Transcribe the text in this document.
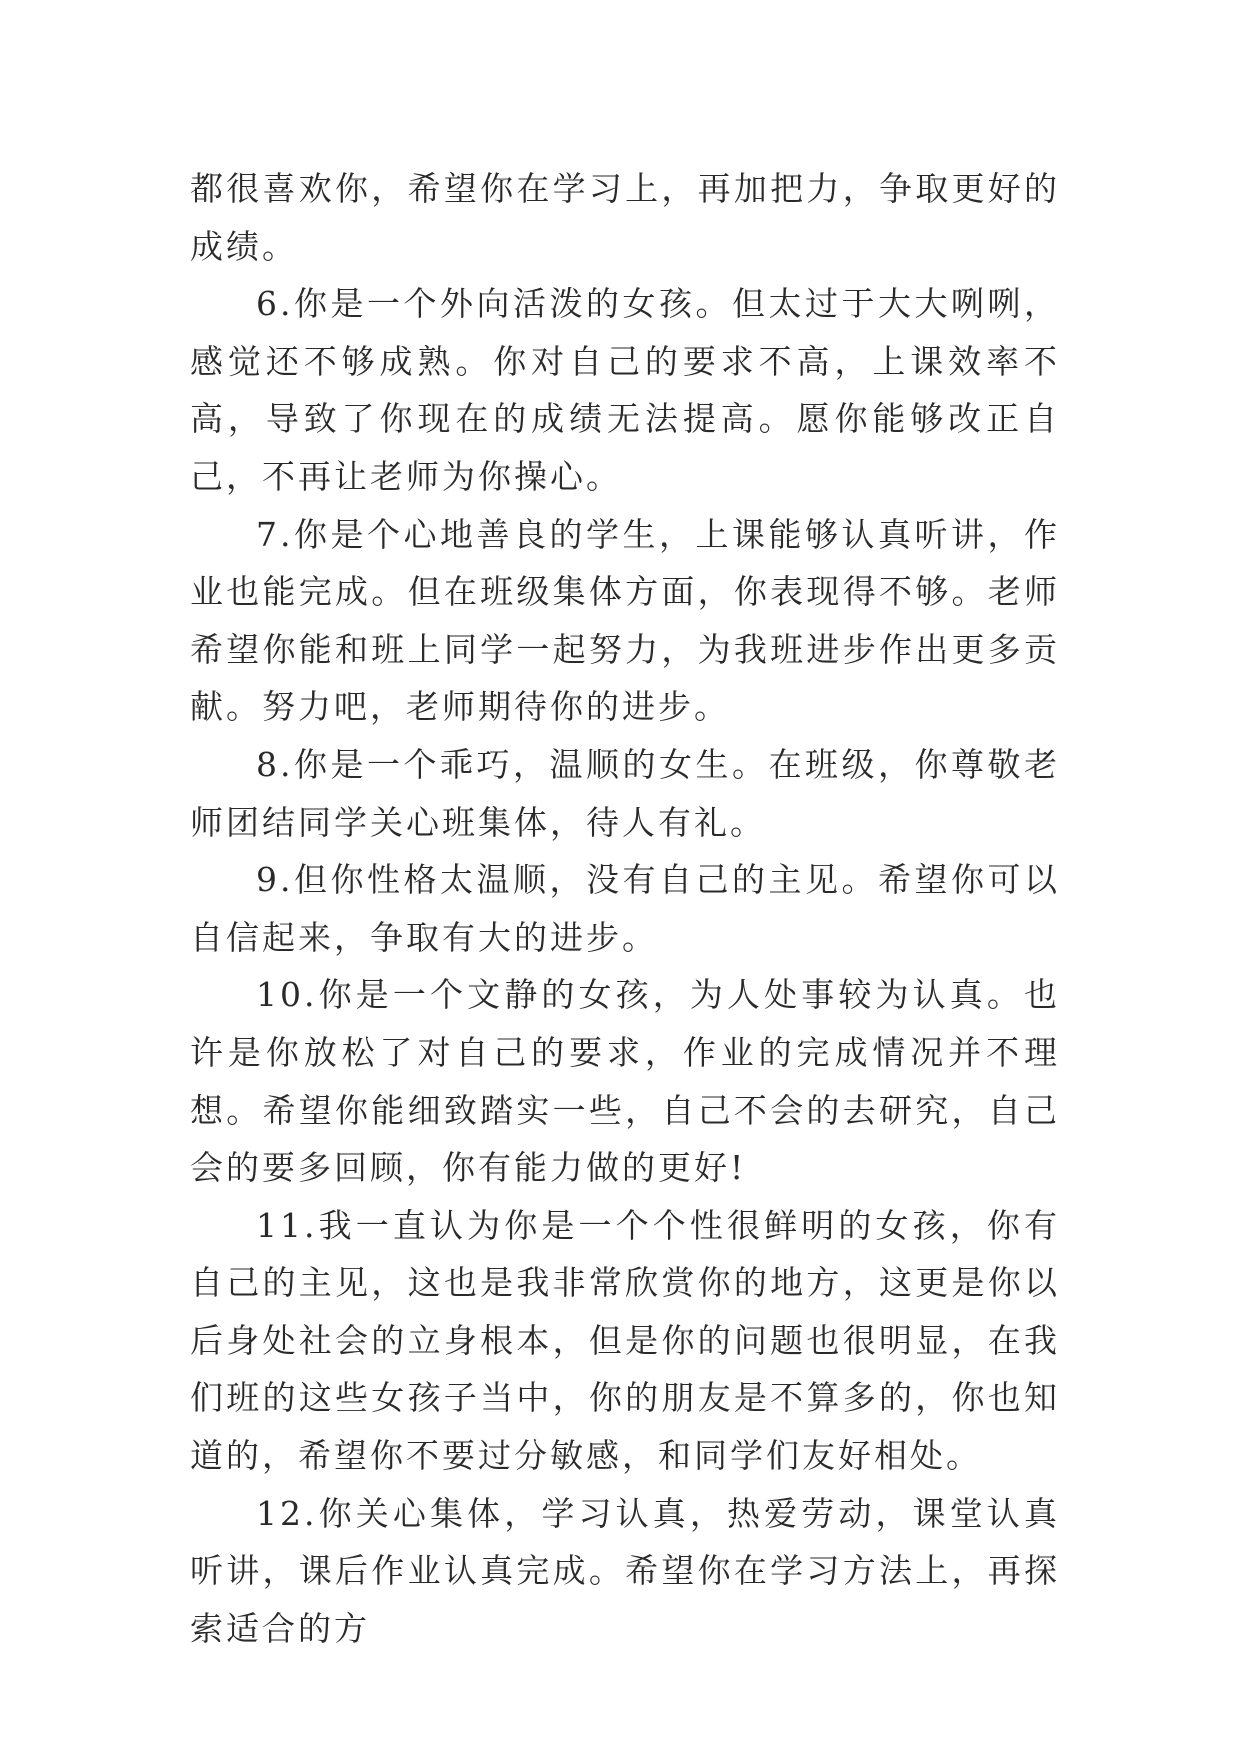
都很喜欢你，希望你在学习上，再加把力，争取更好的成绩。

6.你是一个外向活泼的女孩。但太过于大大咧咧，感觉还不够成熟。你对自己的要求不高，上课效率不高，导致了你现在的成绩无法提高。愿你能够改正自己，不再让老师为你操心。

7.你是个心地善良的学生，上课能够认真听讲，作业也能完成。但在班级集体方面，你表现得不够。老师希望你能和班上同学一起努力，为我班进步作出更多贡献。努力吧，老师期待你的进步。

8.你是一个乖巧，温顺的女生。在班级，你尊敬老师团结同学关心班集体，待人有礼。

9.但你性格太温顺，没有自己的主见。希望你可以自信起来，争取有大的进步。

10.你是一个文静的女孩，为人处事较为认真。也许是你放松了对自己的要求，作业的完成情况并不理想。希望你能细致踏实一些，自己不会的去研究，自己会的要多回顾，你有能力做的更好!

11.我一直认为你是一个个性很鲜明的女孩，你有自己的主见，这也是我非常欣赏你的地方，这更是你以后身处社会的立身根本，但是你的问题也很明显，在我们班的这些女孩子当中，你的朋友是不算多的，你也知道的，希望你不要过分敏感，和同学们友好相处。

12.你关心集体，学习认真，热爱劳动，课堂认真听讲，课后作业认真完成。希望你在学习方法上，再探索适合的方
